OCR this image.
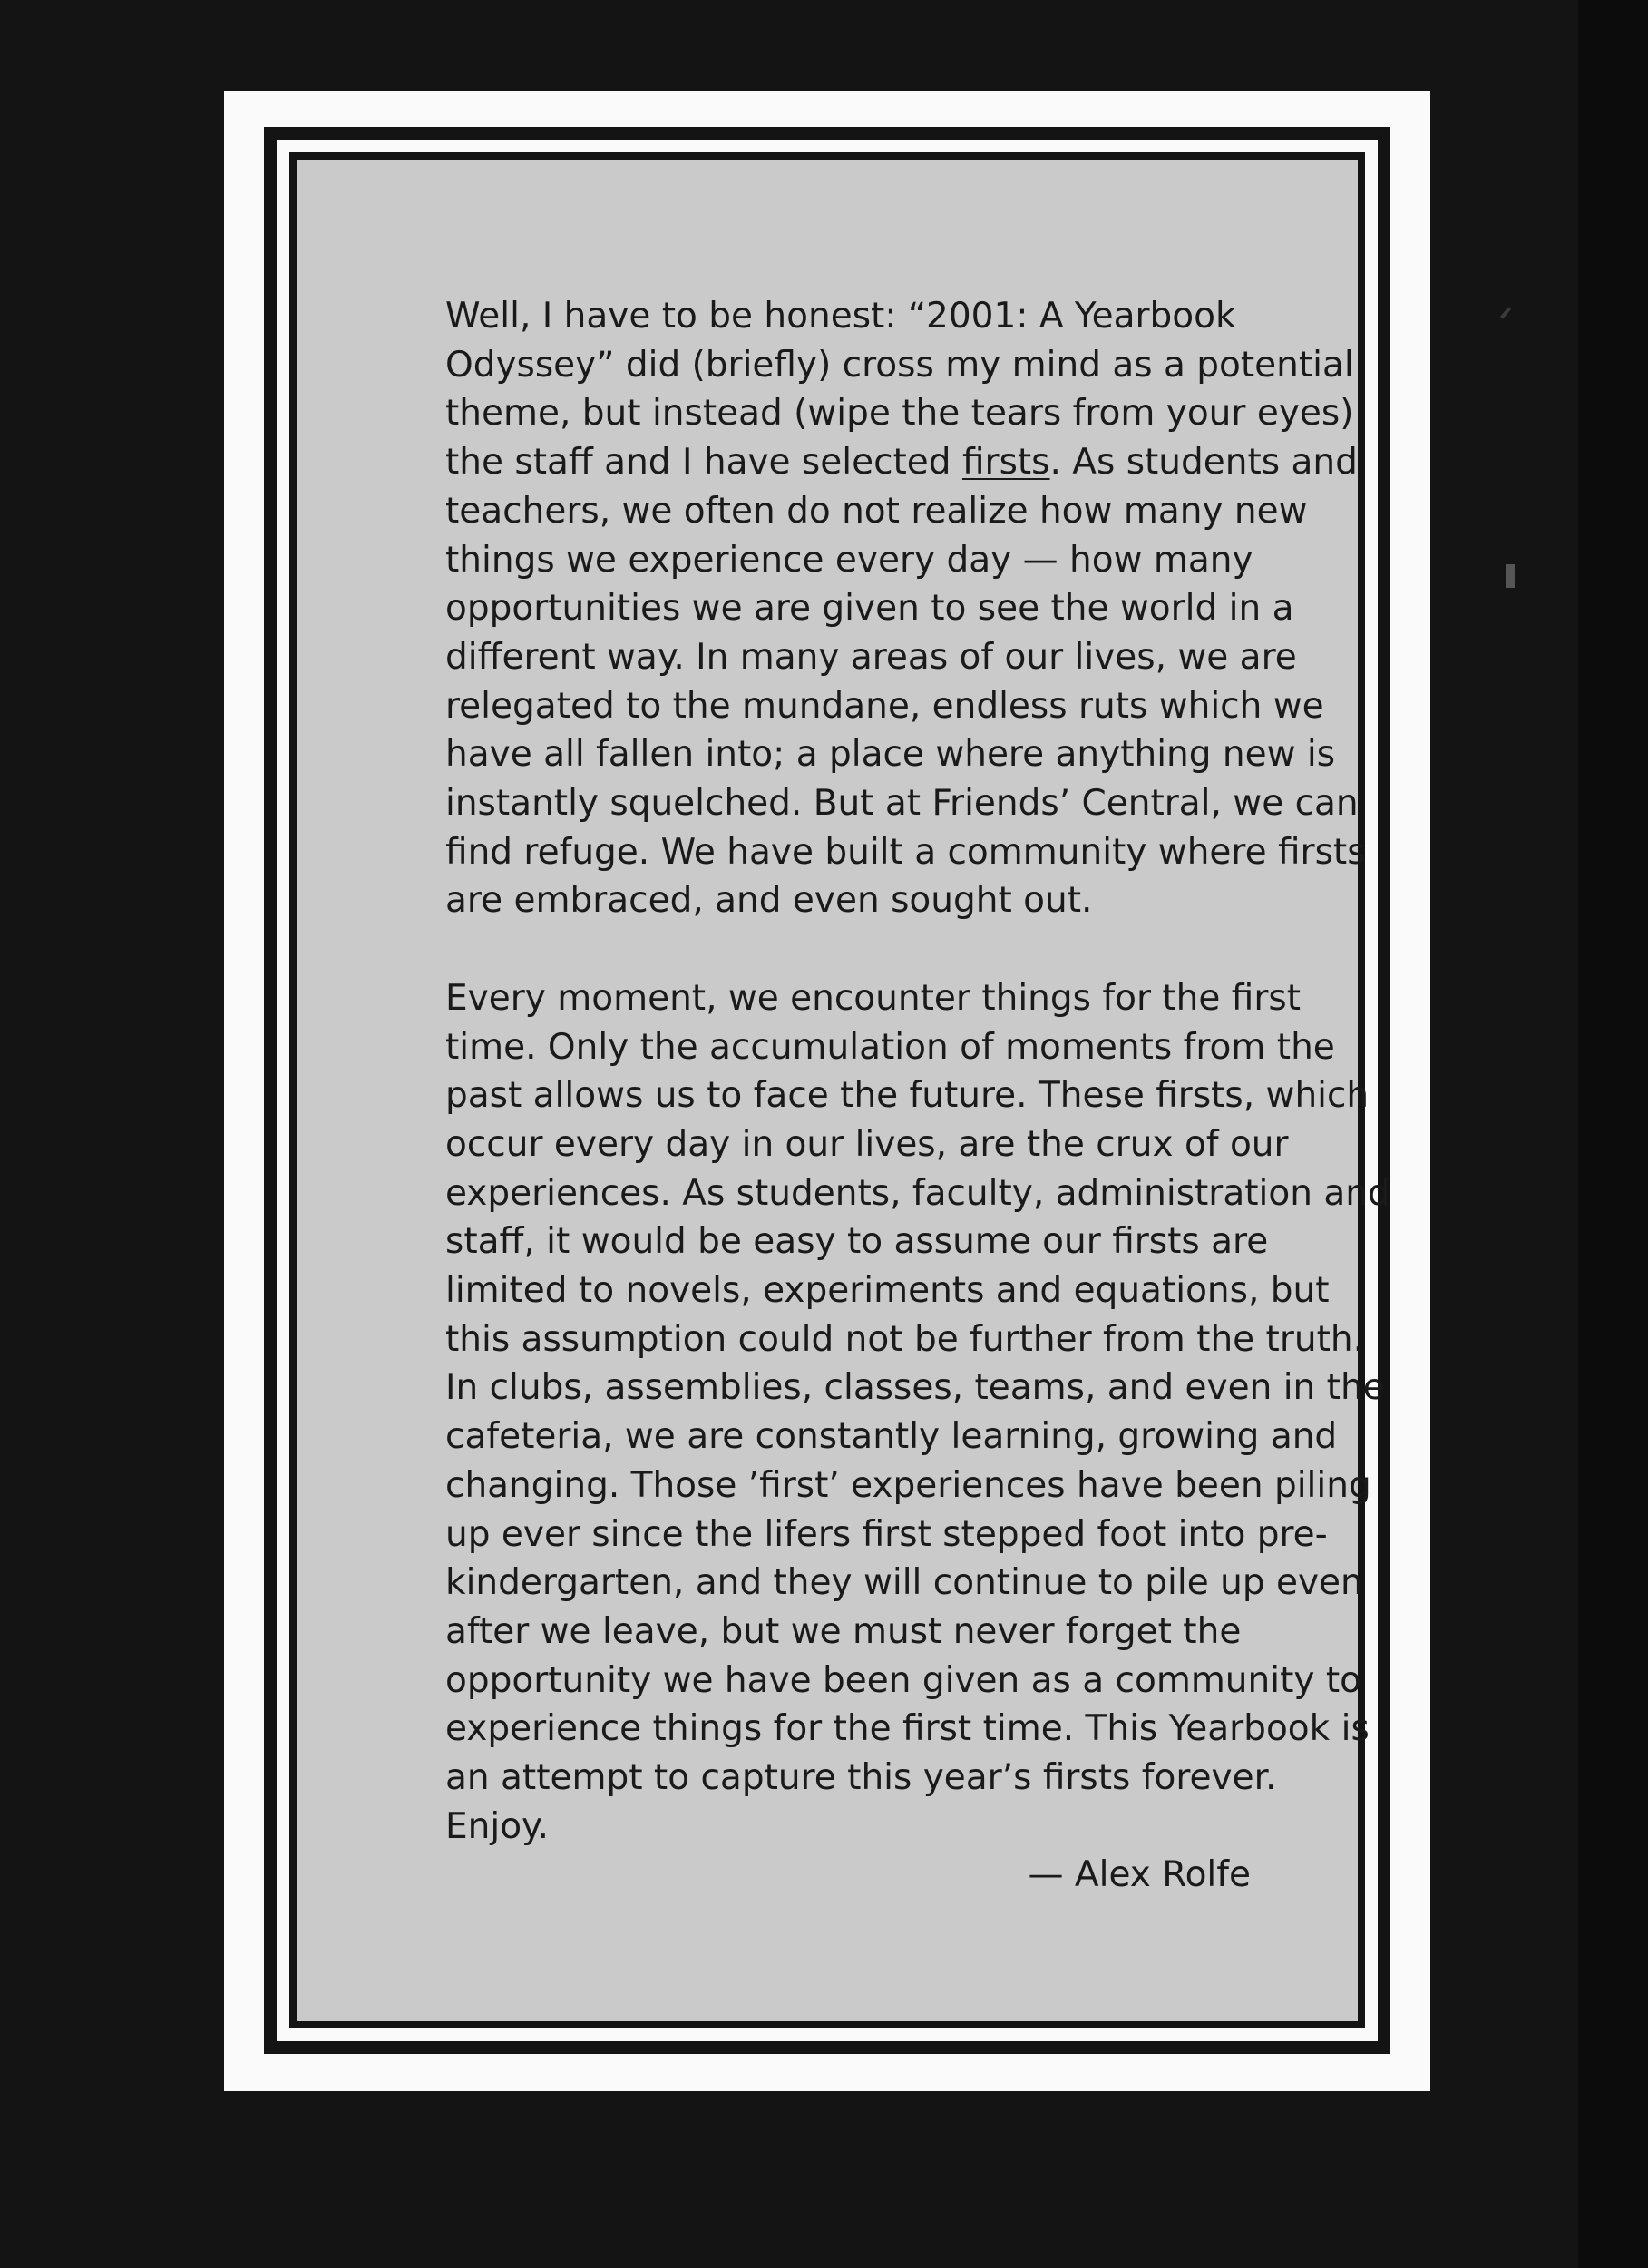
Well, I have to be honest: “2001: A Yearbook
Odyssey” did (briefly) cross my mind as a potential
theme, but instead (wipe the tears from your eyes)
the staff and I have selected firsts. As students and
teachers, we often do not realize how many new
things we experience every day — how many
opportunities we are given to see the world in a
different way. In many areas of our lives, we are
relegated to the mundane, endless ruts which we
have all fallen into; a place where anything new is
instantly squelched. But at Friends’ Central, we can
find refuge. We have built a community where firsts
are embraced, and even sought out.
Every moment, we encounter things for the first
time. Only the accumulation of moments from the
past allows us to face the future. These firsts, which
occur every day in our lives, are the crux of our
experiences. As students, faculty, administration and
staff, it would be easy to assume our firsts are
limited to novels, experiments and equations, but
this assumption could not be further from the truth.
In clubs, assemblies, classes, teams, and even in the
cafeteria, we are constantly learning, growing and
changing. Those ’first’ experiences have been piling
up ever since the lifers first stepped foot into pre-
kindergarten, and they will continue to pile up even
after we leave, but we must never forget the
opportunity we have been given as a community to
experience things for the first time. This Yearbook is
an attempt to capture this year’s firsts forever.
Enjoy.
— Alex Rolfe
